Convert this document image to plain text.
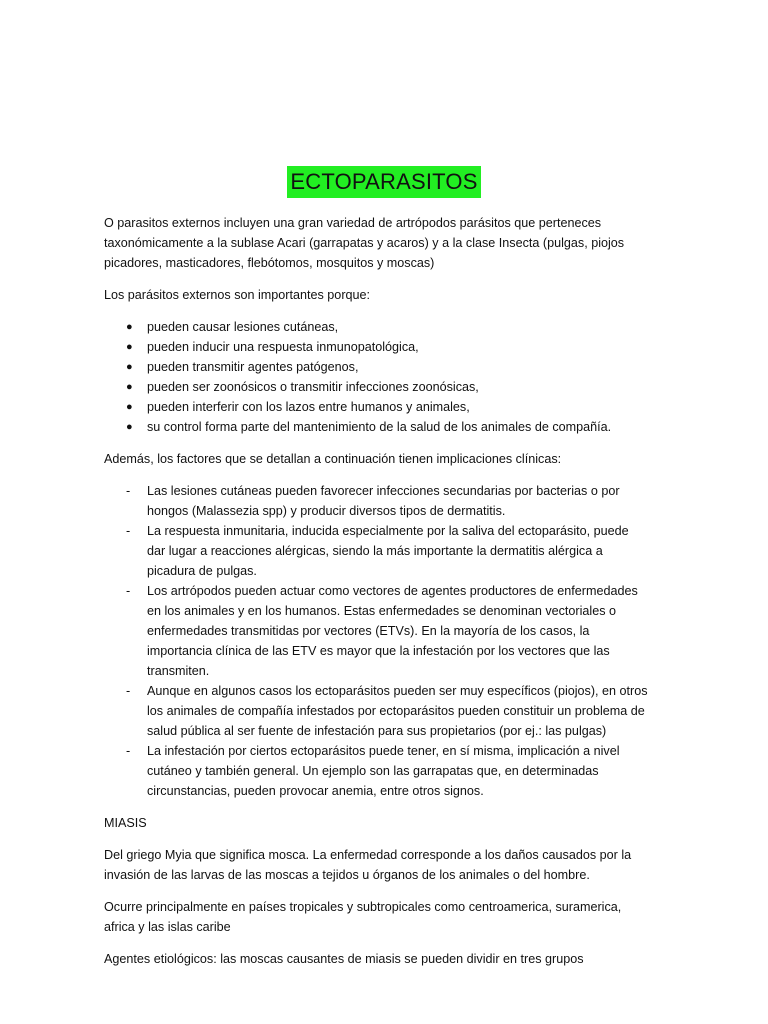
ECTOPARASITOS

O parasitos externos incluyen una gran variedad de artrópodos parásitos que perteneces taxonómicamente a la sublase Acari (garrapatas y acaros) y a la clase Insecta (pulgas, piojos picadores, masticadores, flebótomos, mosquitos y moscas)

Los parásitos externos son importantes porque:

● pueden causar lesiones cutáneas,
● pueden inducir una respuesta inmunopatológica,
● pueden transmitir agentes patógenos,
● pueden ser zoonósicos o transmitir infecciones zoonósicas,
● pueden interferir con los lazos entre humanos y animales,
● su control forma parte del mantenimiento de la salud de los animales de compañía.

Además, los factores que se detallan a continuación tienen implicaciones clínicas:

- Las lesiones cutáneas pueden favorecer infecciones secundarias por bacterias o por hongos (Malassezia spp) y producir diversos tipos de dermatitis.
- La respuesta inmunitaria, inducida especialmente por la saliva del ectoparásito, puede dar lugar a reacciones alérgicas, siendo la más importante la dermatitis alérgica a picadura de pulgas.
- Los artrópodos pueden actuar como vectores de agentes productores de enfermedades en los animales y en los humanos. Estas enfermedades se denominan vectoriales o enfermedades transmitidas por vectores (ETVs). En la mayoría de los casos, la importancia clínica de las ETV es mayor que la infestación por los vectores que las transmiten.
- Aunque en algunos casos los ectoparásitos pueden ser muy específicos (piojos), en otros los animales de compañía infestados por ectoparásitos pueden constituir un problema de salud pública al ser fuente de infestación para sus propietarios (por ej.: las pulgas)
- La infestación por ciertos ectoparásitos puede tener, en sí misma, implicación a nivel cutáneo y también general. Un ejemplo son las garrapatas que, en determinadas circunstancias, pueden provocar anemia, entre otros signos.

MIASIS

Del griego Myia que significa mosca. La enfermedad corresponde a los daños causados por la invasión de las larvas de las moscas a tejidos u órganos de los animales o del hombre.

Ocurre principalmente en países tropicales y subtropicales como centroamerica, suramerica, africa y las islas caribe

Agentes etiológicos: las moscas causantes de miasis se pueden dividir en tres grupos
